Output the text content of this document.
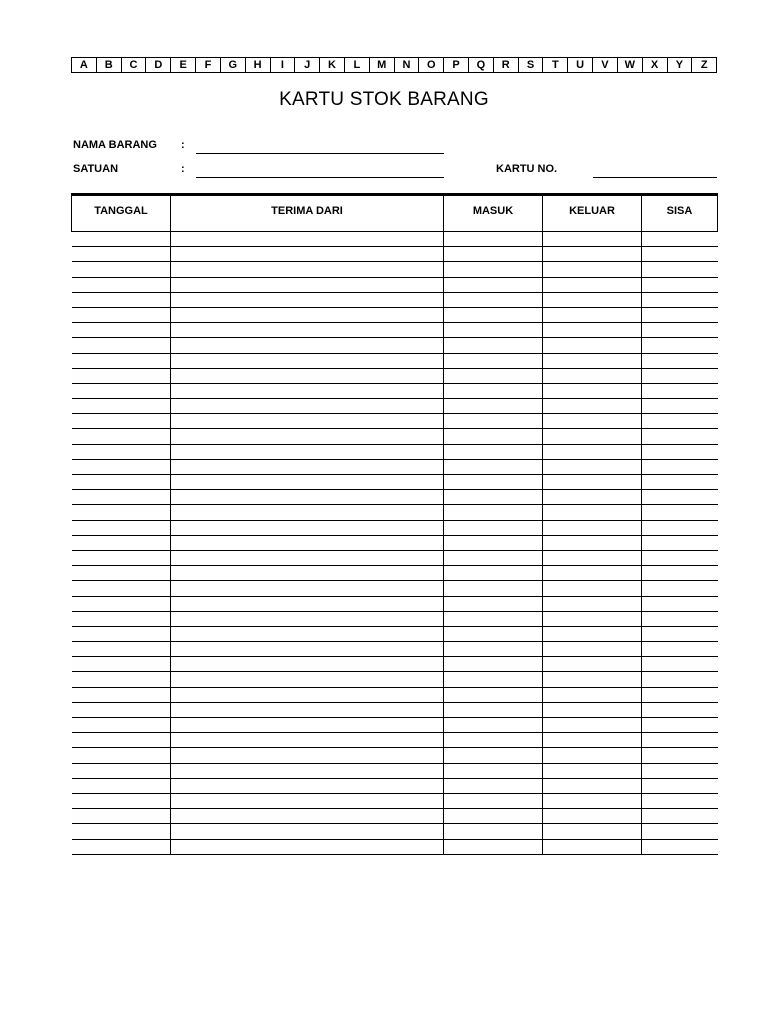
A	B	C	D	E	F	G	H	I	J	K	L	M	N	O	P	Q	R	S	T	U	V	W	X	Y	Z
KARTU STOK BARANG
NAMA BARANG :
SATUAN	:	KARTU NO.
TANGGAL	TERIMA DARI	MASUK	KELUAR	SISA
